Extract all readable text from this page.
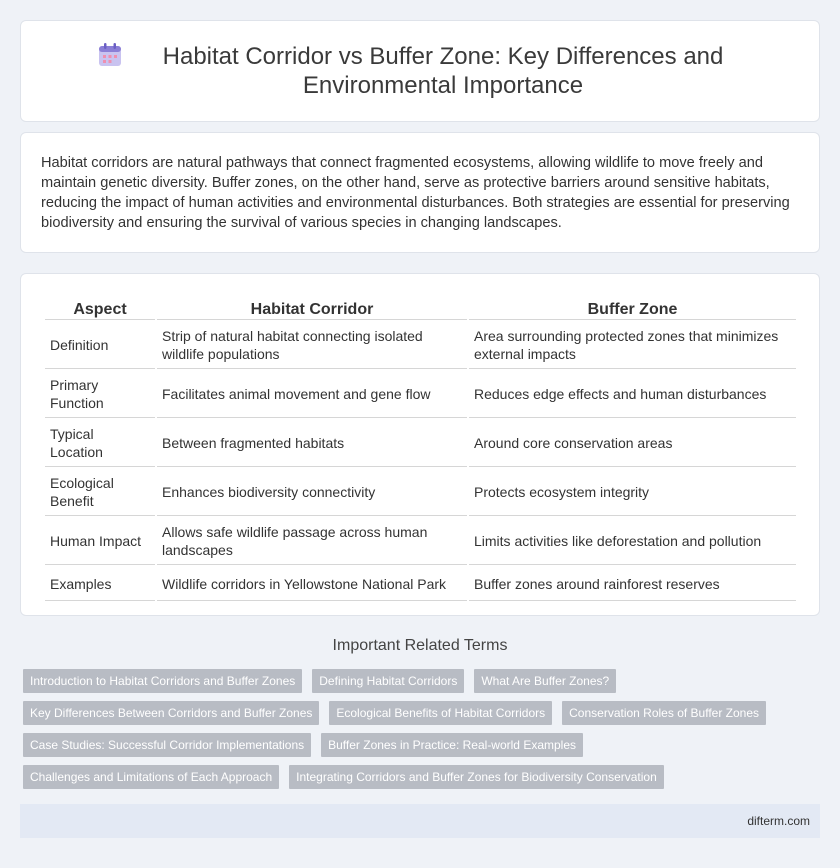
Habitat Corridor vs Buffer Zone: Key Differences and Environmental Importance

Habitat corridors are natural pathways that connect fragmented ecosystems, allowing wildlife to move freely and maintain genetic diversity. Buffer zones, on the other hand, serve as protective barriers around sensitive habitats, reducing the impact of human activities and environmental disturbances. Both strategies are essential for preserving biodiversity and ensuring the survival of various species in changing landscapes.

Aspect	Habitat Corridor	Buffer Zone
Definition	Strip of natural habitat connecting isolated wildlife populations	Area surrounding protected zones that minimizes external impacts
Primary Function	Facilitates animal movement and gene flow	Reduces edge effects and human disturbances
Typical Location	Between fragmented habitats	Around core conservation areas
Ecological Benefit	Enhances biodiversity connectivity	Protects ecosystem integrity
Human Impact	Allows safe wildlife passage across human landscapes	Limits activities like deforestation and pollution
Examples	Wildlife corridors in Yellowstone National Park	Buffer zones around rainforest reserves
Important Related Terms
Introduction to Habitat Corridors and Buffer Zones	Defining Habitat Corridors	What Are Buffer Zones?
Key Differences Between Corridors and Buffer Zones	Ecological Benefits of Habitat Corridors	Conservation Roles of Buffer Zones
Case Studies: Successful Corridor Implementations	Buffer Zones in Practice: Real-world Examples
Challenges and Limitations of Each Approach	Integrating Corridors and Buffer Zones for Biodiversity Conservation
difterm.com
